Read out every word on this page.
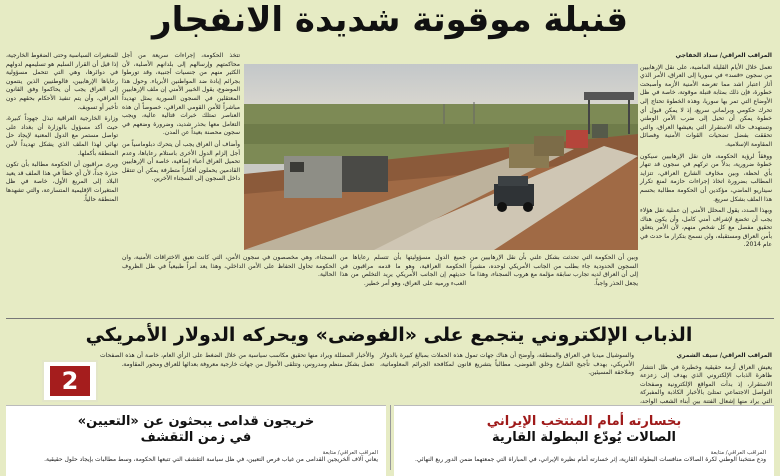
قنبلة موقوتة شديدة الانفجار

المراقب العراقي/ سداد الخفاجي

تعمل خلال الأيام القليلة الماضية، على نقل الإرهابيين من سجون «قسد» في سوريا إلى العراق، الأمر الذي أثار اعتبار اشد مما تعرضه الأمنية الأزمة وأصبحت خطورة، فإن ذلك بمثابة قنبلة موقوتة، خاصة في ظل الأوضاع التي تمر بها سوريا، وهذه الخطوة تحتاج إلى تحرك حكومي وبرلماني سريع، إذ لا يمكن قبول أي خطوة يمكن أن تحيل إلى ضرب الأمن الوطني وتستهدف حالة الاستقرار التي يعيشها العراق، والتي تحققت بفضل تضحيات القوات الأمنية وفصائل المقاومة الإسلامية.

ووفقاً لرؤية الحكومة، فان نقل الإرهابيين سيكون خطوة ضرورية، بدلاً من تركهم في سجون قد تنهار بأي لحظة، وبين مخاوف الشارع العراقي، تتزايد المطالب بضرورة اتخاذ إجراءات حازمة لمنع تكرار سيناريو الماضي، مؤكدين أن الحكومة مطالبة بحسم هذا الملف بشكل سريع.

وبهذا الصدد، يقول المحلل الأمني إن عملية نقل هؤلاء يجب أن تخضع لإشراف أمني كامل، وأن يكون هناك تحقيق مفصل مع كل شخص منهم، لأن الأمر يتعلق بأمن العراق ومستقبله، ولن نسمح بتكرار ما حدث في عام 2014.

تتخذ الحكومة، إجراءات سريعة من أجل محاكمتهم وإرسالهم إلى بلدانهم الأصلية، لأن الكثير منهم من جنسيات أجنبية، وقد تورطوا بجرائم إبادة ضد المواطنين الأبرياء. وحول هذا الموضوع، يقول الخبير الأمني إن ملف الإرهابيين المعتقلين في السجون السورية يمثل تهديداً مباشراً للأمن القومي العراقي، خصوصاً أن هذه العناصر تمتلك خبرات قتالية عالية، ويجب التعامل معها بحذر شديد، وضرورة وضعهم في سجون محصنة بعيداً عن المدن.

وأضاف أن العراق يجب أن يتحرك دبلوماسياً من أجل إلزام الدول الأخرى باستلام رعاياها، وعدم تحميل العراق أعباء إضافية، خاصة أن الإرهابيين القادمين يحملون أفكاراً متطرفة يمكن أن تنتقل داخل السجون إلى السجناء الآخرين.

للمتغيرات السياسية وحتى الضغوط الخارجية، إذا قيل أن القرار السليم هو تسليمهم لدولهم في دوائرها، وهي التي تتحمل مسؤولية رعاياها الإرهابيين، فالوطنيين الذين ينتمون إلى العراق يجب أن يحاكموا وفق القانون العراقي، وأن يتم تنفيذ الأحكام بحقهم دون تأخير أو تسويف.

وزارة الخارجية العراقية تبذل جهوداً كبيرة، حيث أكد مسؤول بالوزارة أن بغداد على تواصل مستمر مع الدول المعنية لإيجاد حل نهائي لهذا الملف الذي يشكل تهديداً لأمن المنطقة بأكملها.

ويرى مراقبون أن الحكومة مطالبة بأن تكون حذرة جداً، لأن أي خطأ في هذا الملف قد يعيد البلاد إلى المربع الأول، خاصة في ظل المتغيرات الإقليمية المتسارعة، والتي تشهدها المنطقة حالياً.

وبين أن الحكومة التي تحدثت بشكل علني بأن نقل الإرهابيين من السجون الحدودية جاء بطلب من الجانب الأمريكي لوحده، مشيراً إلى أن العراق لديه تجارب سابقة مؤلمة مع هروب السجناء، وهذا ما يجعل الحذر واجباً.

جميع الدول مسؤوليتها بأن تتسلم رعاياها من الحكومة العراقية، وهو ما قدمه مراقبون في حديثهم إن الجانب الأمريكي يريد التخلص من هذا العبء ورميه على العراق، وهو أمر خطير.

السجناء، وهي مخصصون في سجون الأمن، التي كانت تعيق الاختراقات الأمنية، وان الحكومة تحاول الحفاظ على الأمن الداخلي، وهذا يعد أمراً طبيعياً في ظل الظروف الحالية.

الذباب الإلكتروني يتجمع على «الفوضى» ويحركه الدولار الأمريكي

المراقب العراقي/ سيف الشمري

يعيش العراق أزمة حقيقية وخطيرة في ظل انتشار ظاهرة الذباب الإلكتروني الذي يهدف إلى زعزعة الاستقرار، إذ بدأت المواقع الإلكترونية وصفحات التواصل الاجتماعي تمتلئ بالأخبار الكاذبة والمفبركة التي يراد منها إشعال الفتنة بين أبناء الشعب الواحد،

والسوشيال ميديا في العراق والمنطقة، وأوضح أن هناك جهات تمول هذه الحملات بمبالغ كبيرة بالدولار الأمريكي، بهدف تأجيج الشارع وخلق الفوضى، مطالباً بتشريع قانون لمكافحة الجرائم المعلوماتية، وملاحقة المسيئين.

والأخبار المضللة ويراد منها تحقيق مكاسب سياسية من خلال الضغط على الرأي العام، خاصة أن هذه الصفحات تعمل بشكل منظم ومدروس، وتتلقى الأموال من جهات خارجية معروفة بعدائها للعراق ومحور المقاومة.

2
بخسارته أمام المنتخب الإيراني
الصالات يُودّع البطولة القارية
المراقب العراقي/ متابعة
ودع منتخبنا الوطني لكرة الصالات منافسات البطولة القارية، إثر خسارته أمام نظيره الإيراني، في المباراة التي جمعتهما ضمن الدور ربع النهائي.
خريجون قدامى يبحثون عن «التعيين»
في زمن التقشف
المراقب العراقي/ متابعة
يعاني آلاف الخريجين القدامى من غياب فرص التعيين، في ظل سياسة التقشف التي تتبعها الحكومة، وسط مطالبات بإيجاد حلول حقيقية.
